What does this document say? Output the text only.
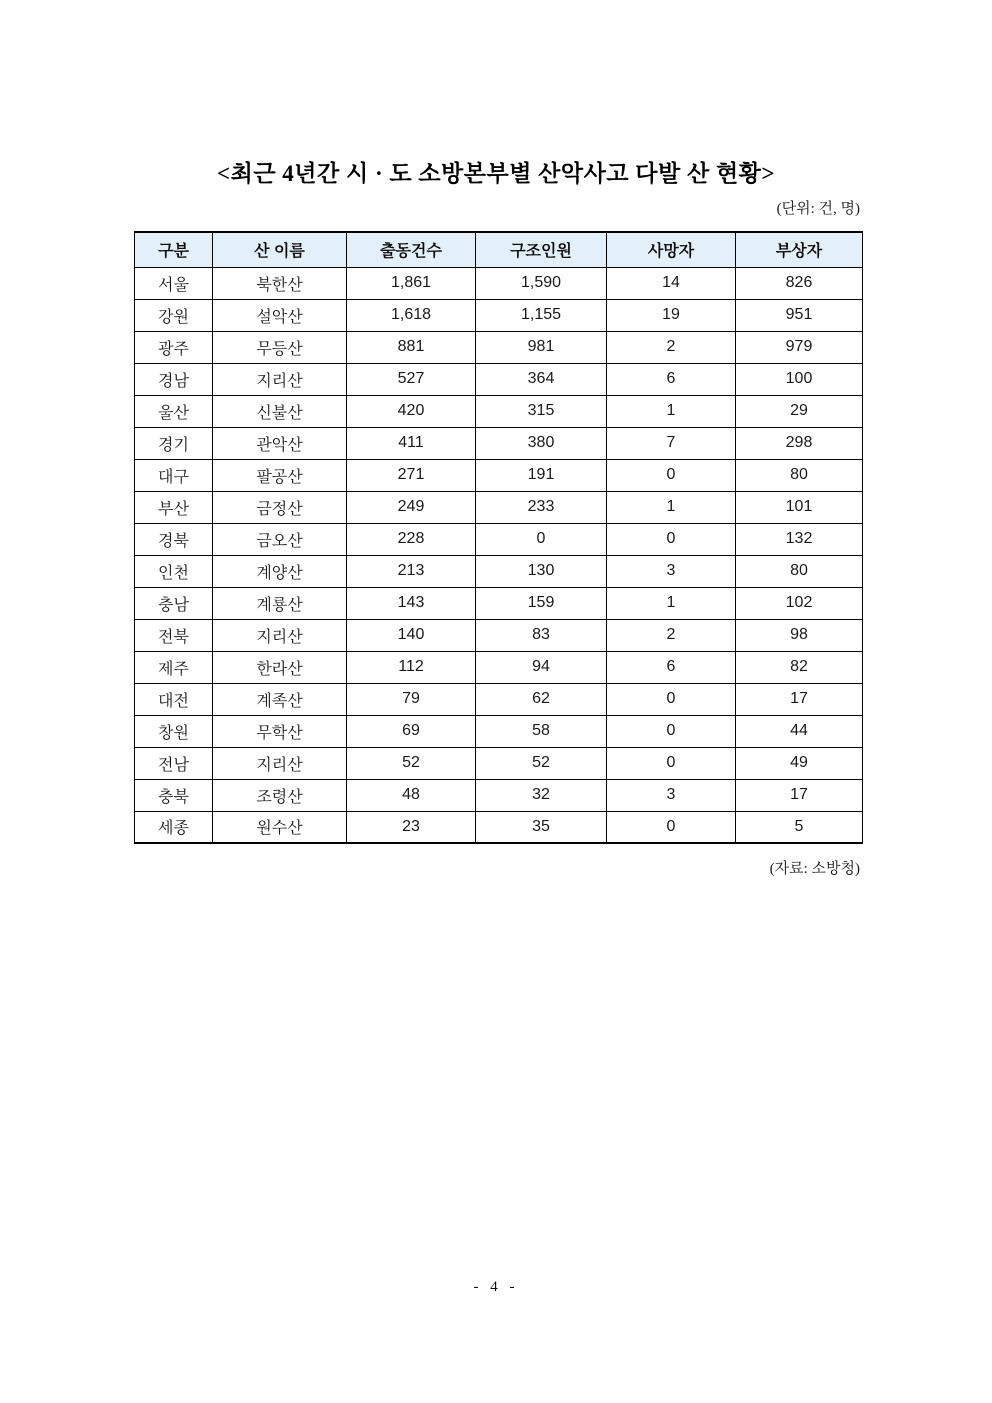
<최근 4년간 시 · 도 소방본부별 산악사고 다발 산 현황>
(단위: 건, 명)
구분	산 이름	출동건수	구조인원	사망자	부상자
서울	북한산	1,861	1,590	14	826
강원	설악산	1,618	1,155	19	951
광주	무등산	881	981	2	979
경남	지리산	527	364	6	100
울산	신불산	420	315	1	29
경기	관악산	411	380	7	298
대구	팔공산	271	191	0	80
부산	금정산	249	233	1	101
경북	금오산	228	0	0	132
인천	계양산	213	130	3	80
충남	계룡산	143	159	1	102
전북	지리산	140	83	2	98
제주	한라산	112	94	6	82
대전	계족산	79	62	0	17
창원	무학산	69	58	0	44
전남	지리산	52	52	0	49
충북	조령산	48	32	3	17
세종	원수산	23	35	0	5
(자료: 소방청)
- 4 -
